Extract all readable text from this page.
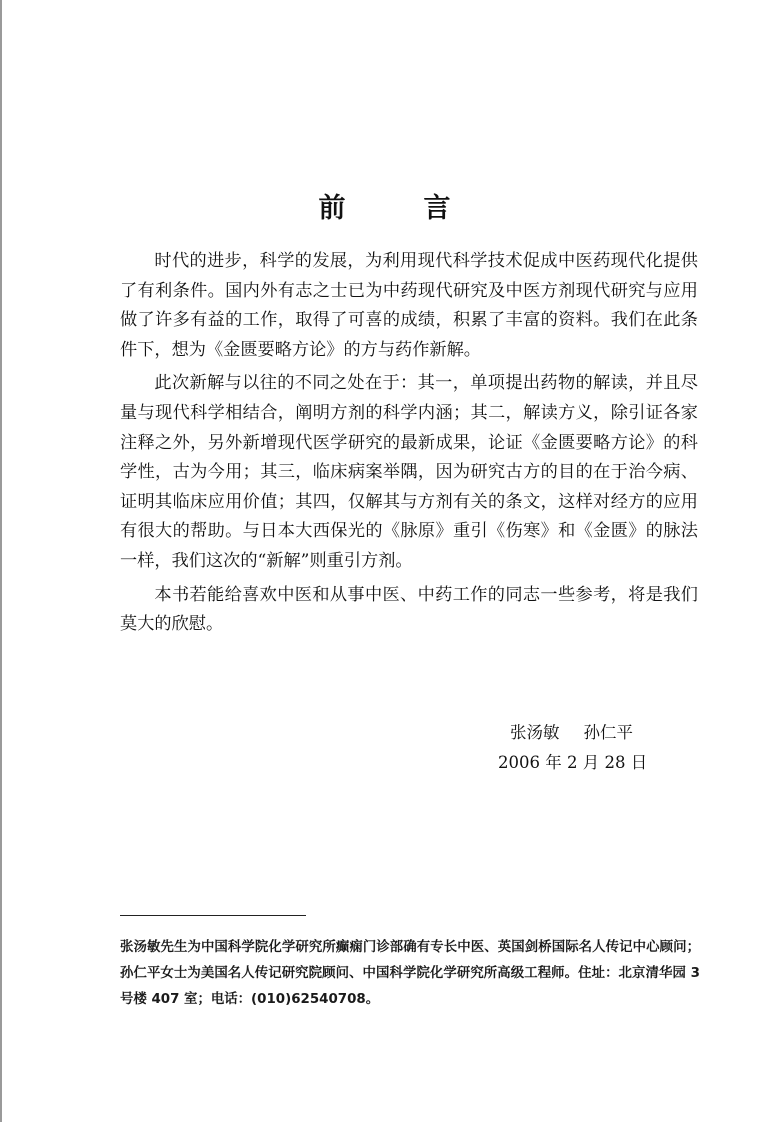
前	言

时代的进步，科学的发展，为利用现代科学技术促成中医药现代化提供了有利条件。国内外有志之士已为中药现代研究及中医方剂现代研究与应用做了许多有益的工作，取得了可喜的成绩，积累了丰富的资料。我们在此条件下，想为《金匮要略方论》的方与药作新解。

此次新解与以往的不同之处在于：其一，单项提出药物的解读，并且尽量与现代科学相结合，阐明方剂的科学内涵；其二，解读方义，除引证各家注释之外，另外新增现代医学研究的最新成果，论证《金匮要略方论》的科学性，古为今用；其三，临床病案举隅，因为研究古方的目的在于治今病、证明其临床应用价值；其四，仅解其与方剂有关的条文，这样对经方的应用有很大的帮助。与日本大西保光的《脉原》重引《伤寒》和《金匮》的脉法一样，我们这次的“新解”则重引方剂。

本书若能给喜欢中医和从事中医、中药工作的同志一些参考，将是我们莫大的欣慰。

张汤敏 孙仁平
2006 年 2 月 28 日
张汤敏先生为中国科学院化学研究所癫痫门诊部确有专长中医、英国剑桥国际名人传记中心顾问；孙仁平女士为美国名人传记研究院顾问、中国科学院化学研究所高级工程师。住址：北京清华园 3 号楼 407 室；电话：(010)62540708。
